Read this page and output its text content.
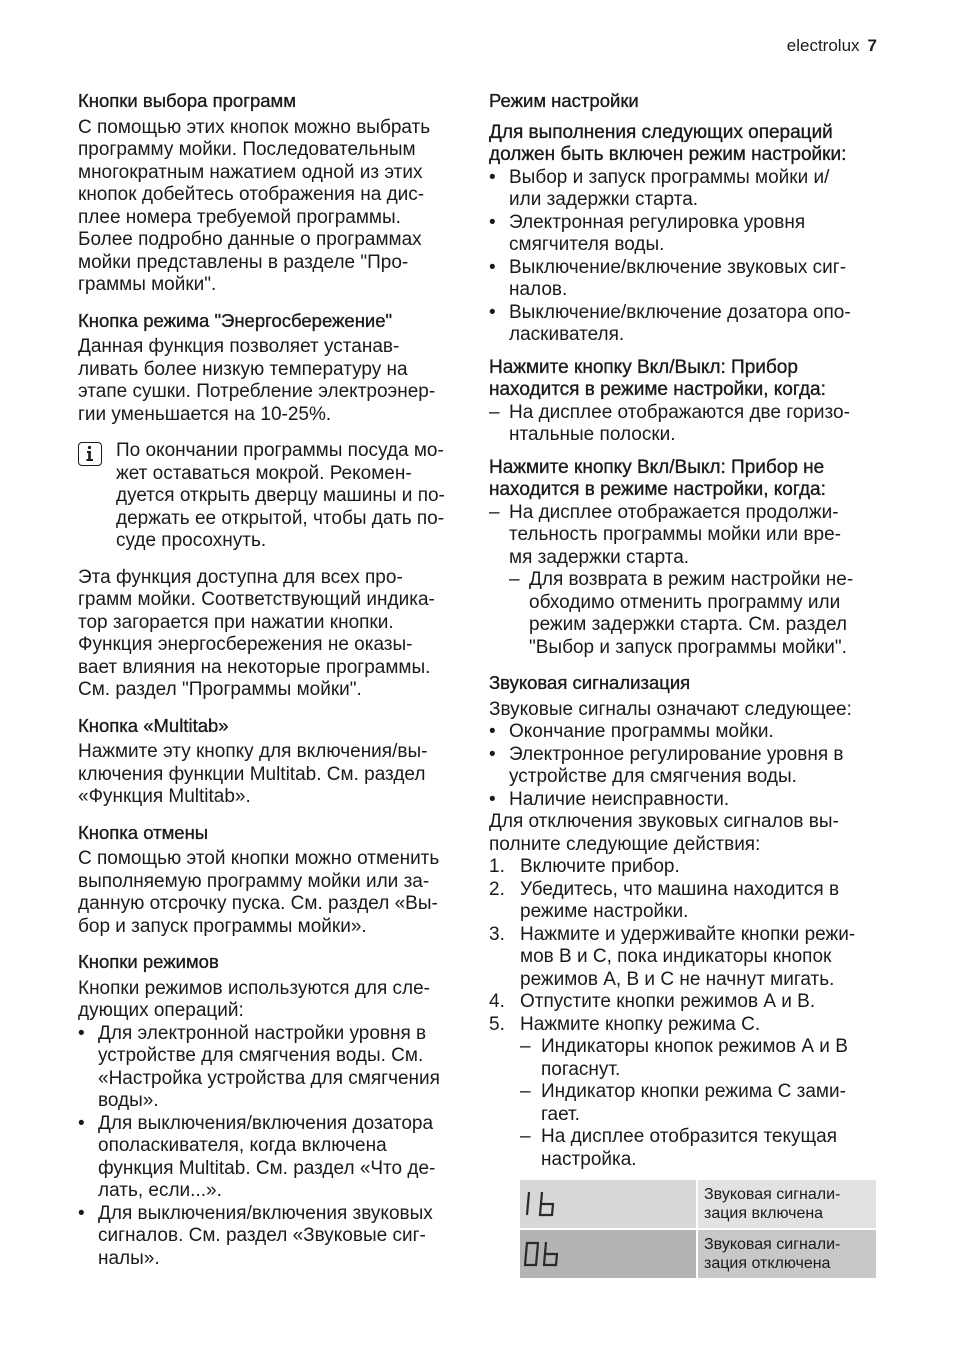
electrolux 7
Кнопки выбора программ

С помощью этих кнопок можно выбрать
программу мойки. Последовательным
многократным нажатием одной из этих
кнопок добейтесь отображения на дис-
плее номера требуемой программы.
Более подробно данные о программах
мойки представлены в разделе "Про-
граммы мойки".

Кнопка режима "Энергосбережение"

Данная функция позволяет устанав-
ливать более низкую температуру на
этапе сушки. Потребление электроэнер-
гии уменьшается на 10-25%.

По окончании программы посуда мо-
жет оставаться мокрой. Рекомен-
дуется открыть дверцу машины и по-
держать ее открытой, чтобы дать по-
суде просохнуть.

Эта функция доступна для всех про-
грамм мойки. Соответствующий индика-
тор загорается при нажатии кнопки.
Функция энергосбережения не оказы-
вает влияния на некоторые программы.
См. раздел "Программы мойки".

Кнопка «Multitab»

Нажмите эту кнопку для включения/вы-
ключения функции Multitab. См. раздел
«Функция Multitab».

Кнопка отмены

С помощью этой кнопки можно отменить
выполняемую программу мойки или за-
данную отсрочку пуска. См. раздел «Вы-
бор и запуск программы мойки».

Кнопки режимов

Кнопки режимов используются для сле-
дующих операций:

• Для электронной настройки уровня в
устройстве для смягчения воды. См.
«Настройка устройства для смягчения
воды».
• Для выключения/включения дозатора
ополаскивателя, когда включена
функция Multitab. См. раздел «Что де-
лать, если...».
• Для выключения/включения звуковых
сигналов. См. раздел «Звуковые сиг-
налы».
Режим настройки

Для выполнения следующих операций
должен быть включен режим настройки:

• Выбор и запуск программы мойки и/
или задержки старта.
• Электронная регулировка уровня
смягчителя воды.
• Выключение/включение звуковых сиг-
налов.
• Выключение/включение дозатора опо-
ласкивателя.

Нажмите кнопку Вкл/Выкл: Прибор
находится в режиме настройки, когда:

– На дисплее отображаются две горизо-
нтальные полоски.

Нажмите кнопку Вкл/Выкл: Прибор не
находится в режиме настройки, когда:

– На дисплее отображается продолжи-
тельность программы мойки или вре-
мя задержки старта.
– Для возврата в режим настройки не-
обходимо отменить программу или
режим задержки старта. См. раздел
"Выбор и запуск программы мойки".
Звуковая сигнализация

Звуковые сигналы означают следующее:

• Окончание программы мойки.
• Электронное регулирование уровня в
устройстве для смягчения воды.
• Наличие неисправности.

Для отключения звуковых сигналов вы-
полните следующие действия:

1. Включите прибор.
2. Убедитесь, что машина находится в
режиме настройки.
3. Нажмите и удерживайте кнопки режи-
мов В и С, пока индикаторы кнопок
режимов А, В и С не начнут мигать.
4. Отпустите кнопки режимов А и В.
5. Нажмите кнопку режима С.
– Индикаторы кнопок режимов А и В
погаснут.
– Индикатор кнопки режима С зами-
гает.
– На дисплее отобразится текущая
настройка.
	Звуковая сигнали-
зация включена

	Звуковая сигнали-
зация отключена
